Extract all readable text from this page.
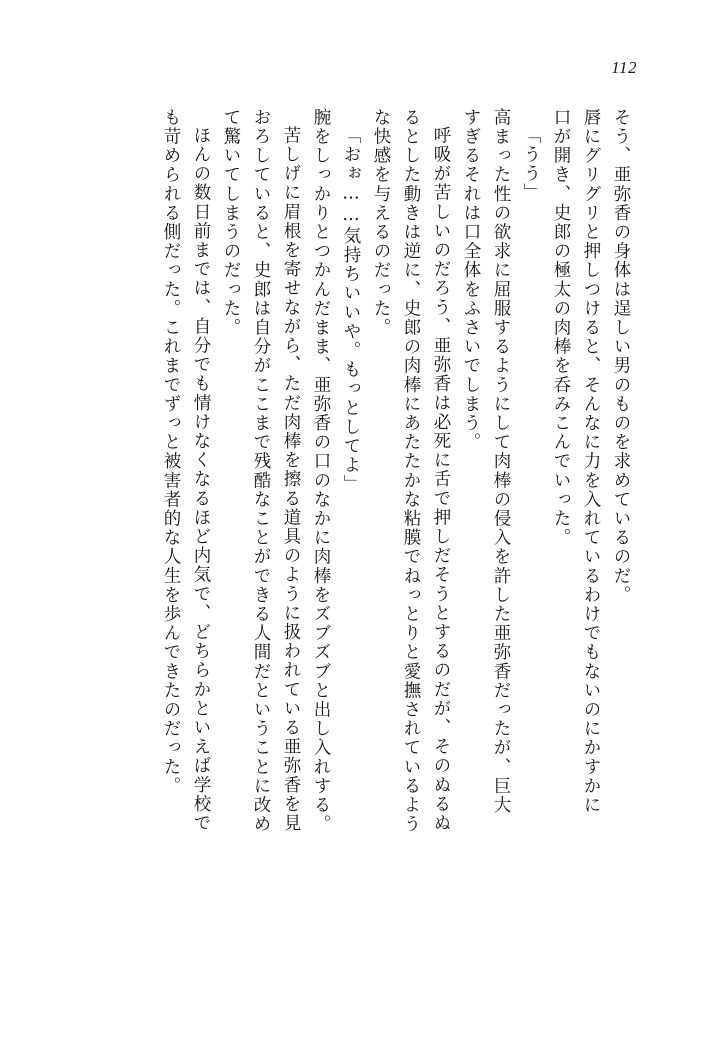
112
そう、亜弥香の身体は逞しい男のものを求めているのだ。
唇にグリグリと押しつけると、そんなに力を入れているわけでもないのにかすかに
口が開き、史郎の極太の肉棒を呑みこんでいった。
「うう」
高まった性の欲求に屈服するようにして肉棒の侵入を許した亜弥香だったが、巨大
すぎるそれは口全体をふさいでしまう。
呼吸が苦しいのだろう、亜弥香は必死に舌で押しだそうとするのだが、そのぬるぬ
るとした動きは逆に、史郎の肉棒にあたたかな粘膜でねっとりと愛撫されているよう
な快感を与えるのだった。
「おぉ……気持ちいいや。もっとしてよ」
腕をしっかりとつかんだまま、亜弥香の口のなかに肉棒をズブズブと出し入れする。
苦しげに眉根を寄せながら、ただ肉棒を擦る道具のように扱われている亜弥香を見
おろしていると、史郎は自分がここまで残酷なことができる人間だということに改め
て驚いてしまうのだった。
ほんの数日前までは、自分でも情けなくなるほど内気で、どちらかといえば学校で
も苛められる側だった。これまでずっと被害者的な人生を歩んできたのだった。
